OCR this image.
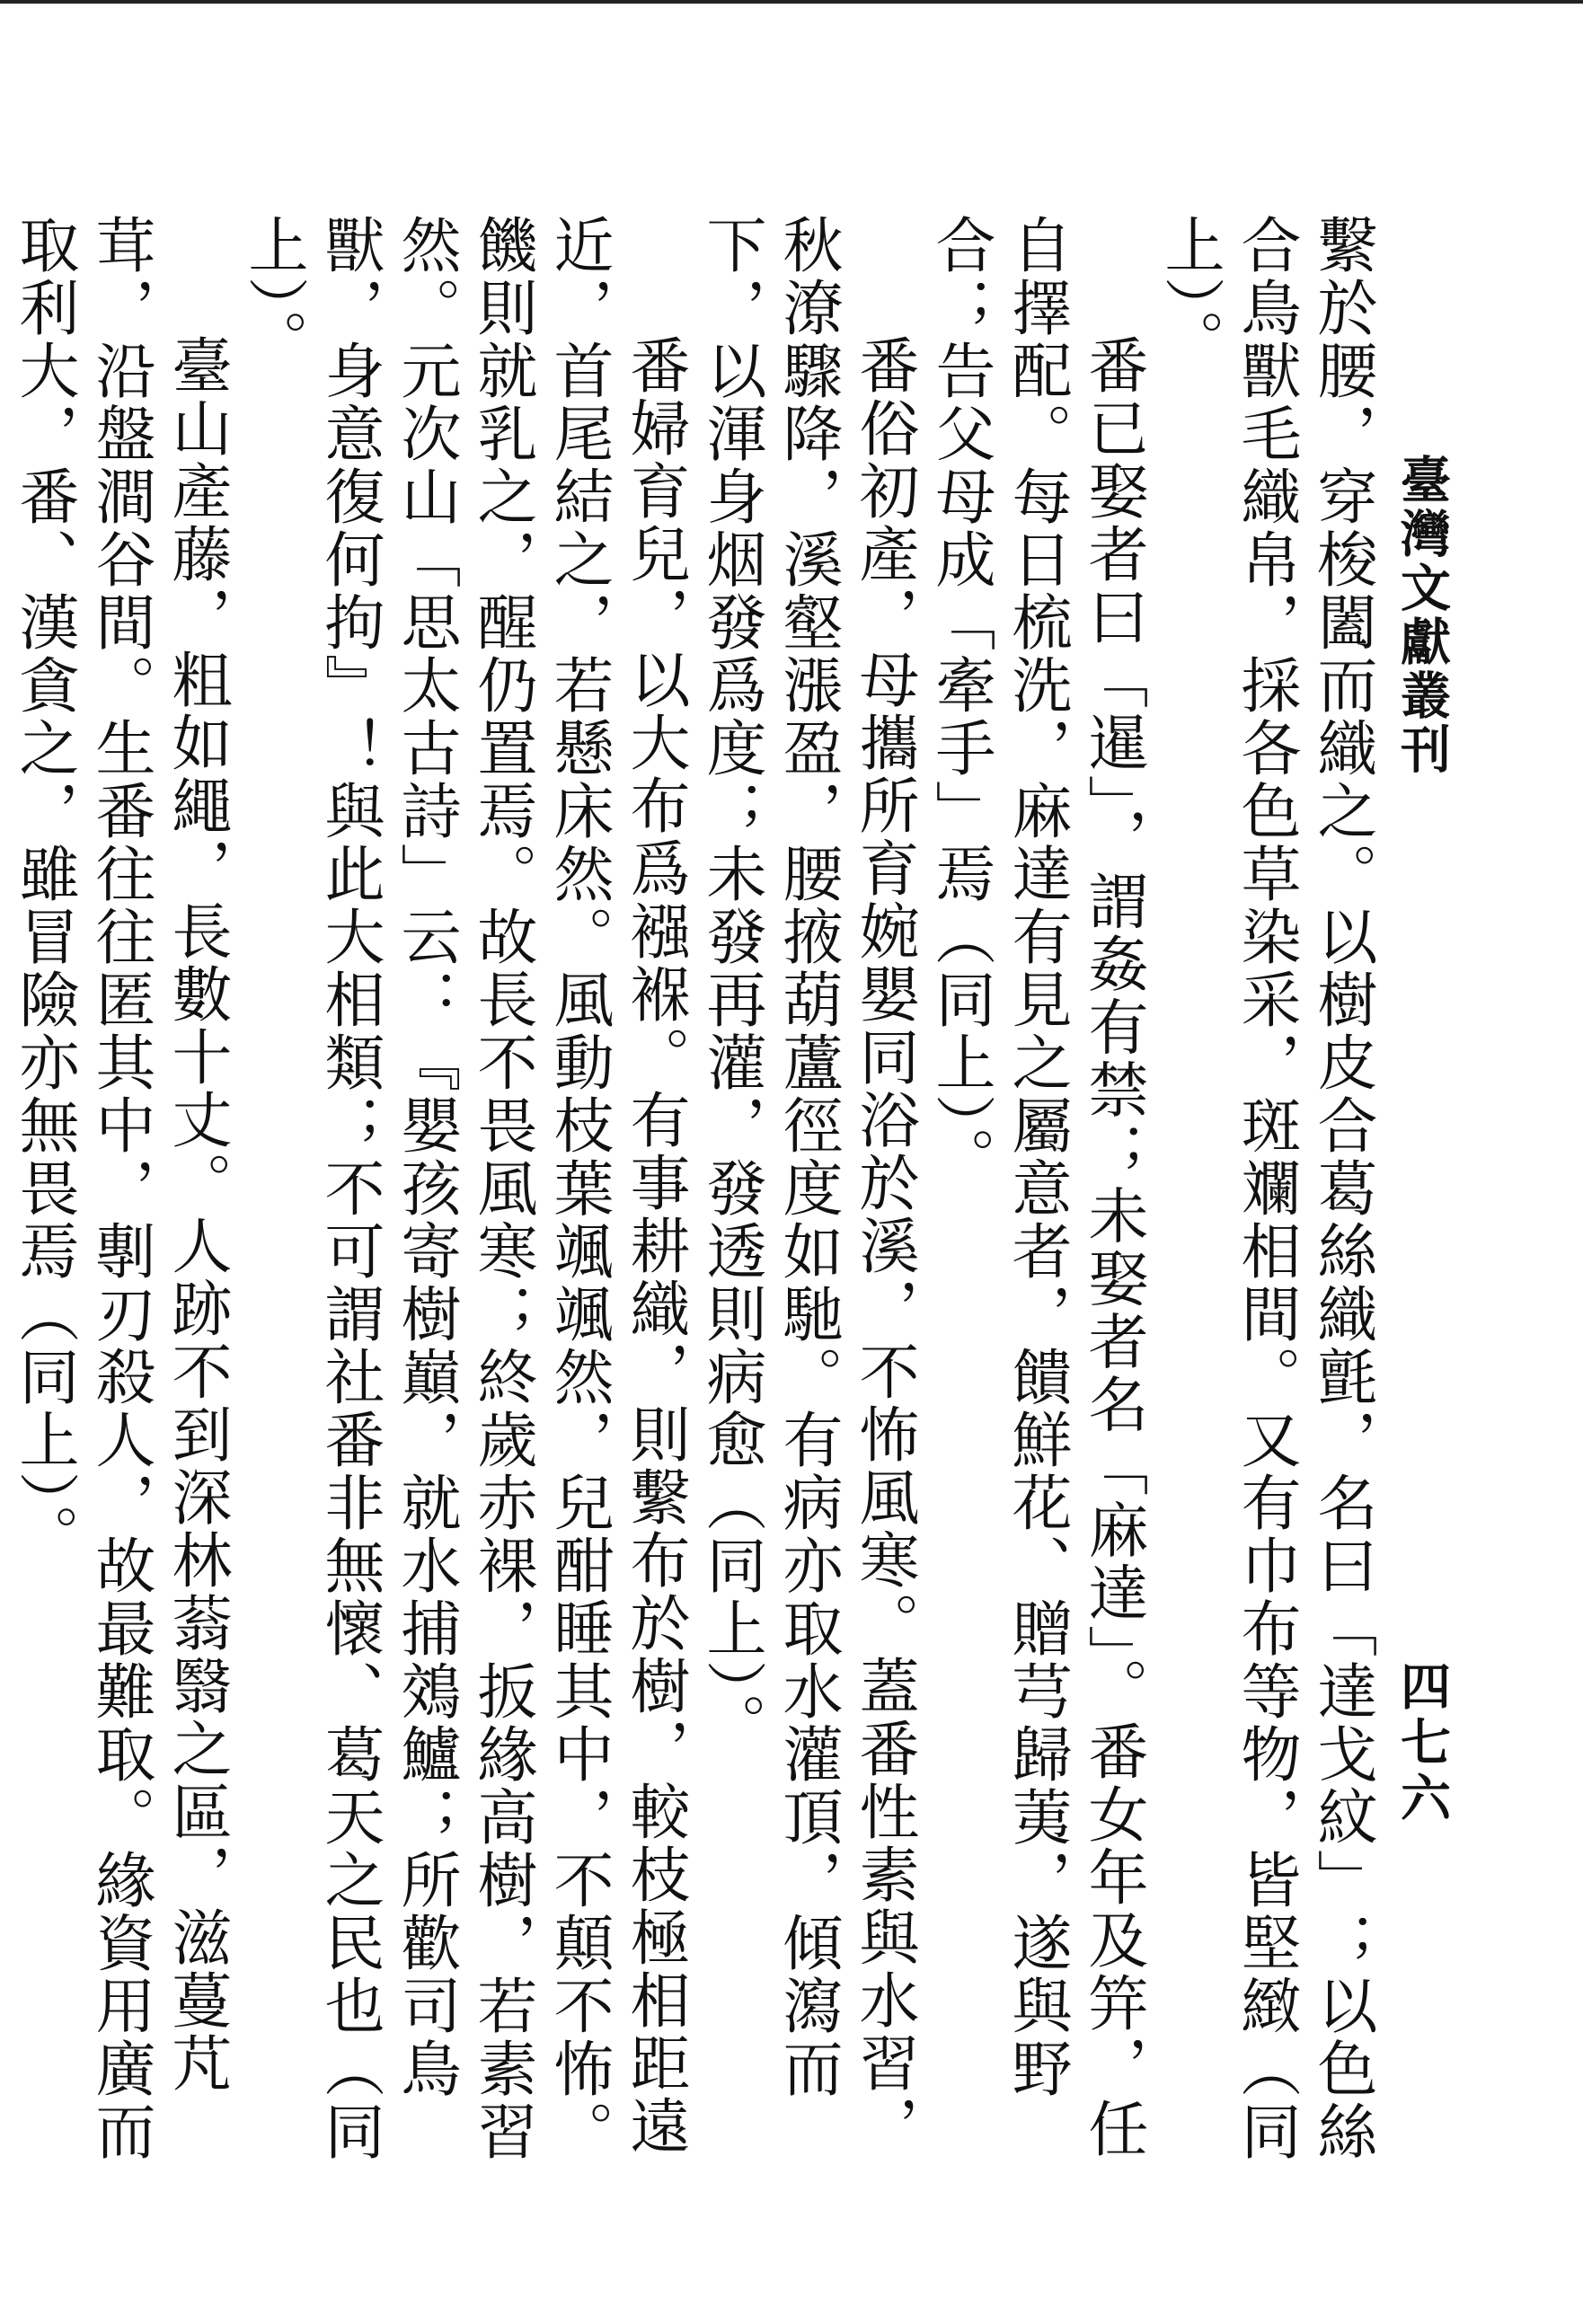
臺灣文獻叢刊
四七六

繫於腰，穿梭闔而織之。以樹皮合葛絲織氈，名曰「達戈紋」；以色絲合鳥獸毛織帛，採各色草染采，斑斕相間。又有巾布等物，皆堅緻（同上）。

番已娶者曰「暹」，謂姦有禁；未娶者名「麻達」。番女年及笄，任自擇配。每日梳洗，麻達有見之屬意者，饋鮮花、贈芎歸荑，遂與野合；告父母成「牽手」焉（同上）。

番俗初產，母攜所育婉嬰同浴於溪，不怖風寒。蓋番性素與水習，秋潦驟降，溪壑漲盈，腰掖葫蘆徑度如馳。有病亦取水灌頂，傾瀉而下，以渾身烟發爲度；未發再灌，發透則病愈（同上）。

番婦育兒，以大布爲襁褓。有事耕織，則繫布於樹，較枝極相距遠近，首尾結之，若懸床然。風動枝葉颯颯然，兒酣睡其中，不顛不怖。饑則就乳之，醒仍置焉。故長不畏風寒；終歲赤裸，扳緣高樹，若素習然。元次山「思太古詩」云：『嬰孩寄樹巔，就水捕鵁鱸；所歡司鳥獸，身意復何拘』！與此大相類；不可謂社番非無懷、葛天之民也（同上）。

臺山產藤，粗如繩，長數十丈。人跡不到深林蓊翳之區，滋蔓芃茸，沿盤澗谷間。生番往往匿其中，剸刃殺人，故最難取。緣資用廣而取利大，番、漢貪之，雖冒險亦無畏焉（同上）。
